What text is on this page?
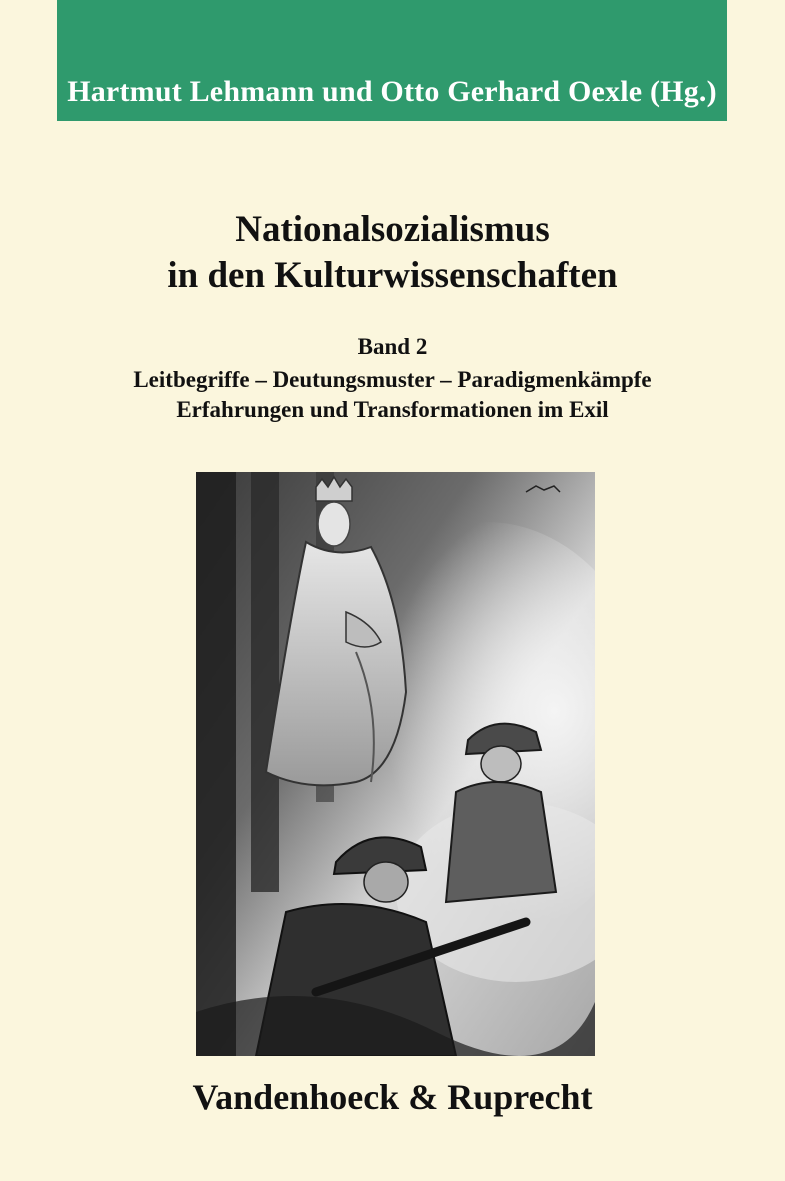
Hartmut Lehmann und Otto Gerhard Oexle (Hg.)
Nationalsozialismus
in den Kulturwissenschaften
Band 2
Leitbegriffe – Deutungsmuster – Paradigmenkämpfe
Erfahrungen und Transformationen im Exil
Vandenhoeck & Ruprecht
